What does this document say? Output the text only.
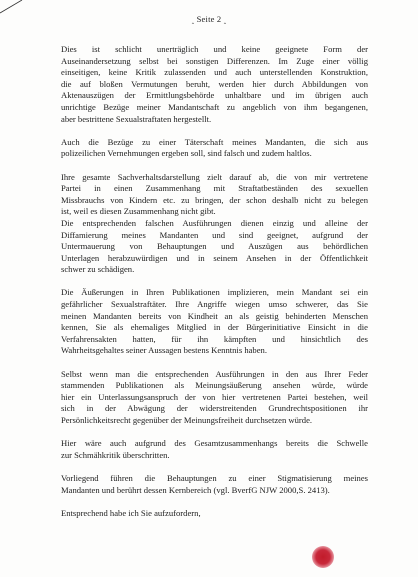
‸ Seite 2 ‸
Dies ist schlicht unerträglich und keine geeignete Form der
Auseinandersetzung selbst bei sonstigen Differenzen. Im Zuge einer völlig
einseitigen, keine Kritik zulassenden und auch unterstellenden Konstruktion,
die auf bloßen Vermutungen beruht, werden hier durch Abbildungen von
Aktenauszügen der Ermittlungsbehörde unhaltbare und im übrigen auch
unrichtige Bezüge meiner Mandantschaft zu angeblich von ihm begangenen,
aber bestrittene Sexualstraftaten hergestellt.
Auch die Bezüge zu einer Täterschaft meines Mandanten, die sich aus
polizeilichen Vernehmungen ergeben soll, sind falsch und zudem haltlos.
Ihre gesamte Sachverhaltsdarstellung zielt darauf ab, die von mir vertretene
Partei in einen Zusammenhang mit Straftatbeständen des sexuellen
Missbrauchs von Kindern etc. zu bringen, der schon deshalb nicht zu belegen
ist, weil es diesen Zusammenhang nicht gibt.
Die entsprechenden falschen Ausführungen dienen einzig und alleine der
Diffamierung meines Mandanten und sind geeignet, aufgrund der
Untermauerung von Behauptungen und Auszügen aus behördlichen
Unterlagen herabzuwürdigen und in seinem Ansehen in der Öffentlichkeit
schwer zu schädigen.
Die Äußerungen in Ihren Publikationen implizieren, mein Mandant sei ein
gefährlicher Sexualstraftäter. Ihre Angriffe wiegen umso schwerer, das Sie
meinen Mandanten bereits von Kindheit an als geistig behinderten Menschen
kennen, Sie als ehemaliges Mitglied in der Bürgerinitiative Einsicht in die
Verfahrensakten hatten, für ihn kämpften und hinsichtlich des
Wahrheitsgehaltes seiner Aussagen bestens Kenntnis haben.
Selbst wenn man die entsprechenden Ausführungen in den aus Ihrer Feder
stammenden Publikationen als Meinungsäußerung ansehen würde, würde
hier ein Unterlassungsanspruch der von hier vertretenen Partei bestehen, weil
sich in der Abwägung der widerstreitenden Grundrechtspositionen ihr
Persönlichkeitsrecht gegenüber der Meinungsfreiheit durchsetzen würde.
Hier wäre auch aufgrund des Gesamtzusammenhangs bereits die Schwelle
zur Schmähkritik überschritten.
Vorliegend führen die Behauptungen zu einer Stigmatisierung meines
Mandanten und berührt dessen Kernbereich (vgl. BverfG NJW 2000,S. 2413).
Entsprechend habe ich Sie aufzufordern,
